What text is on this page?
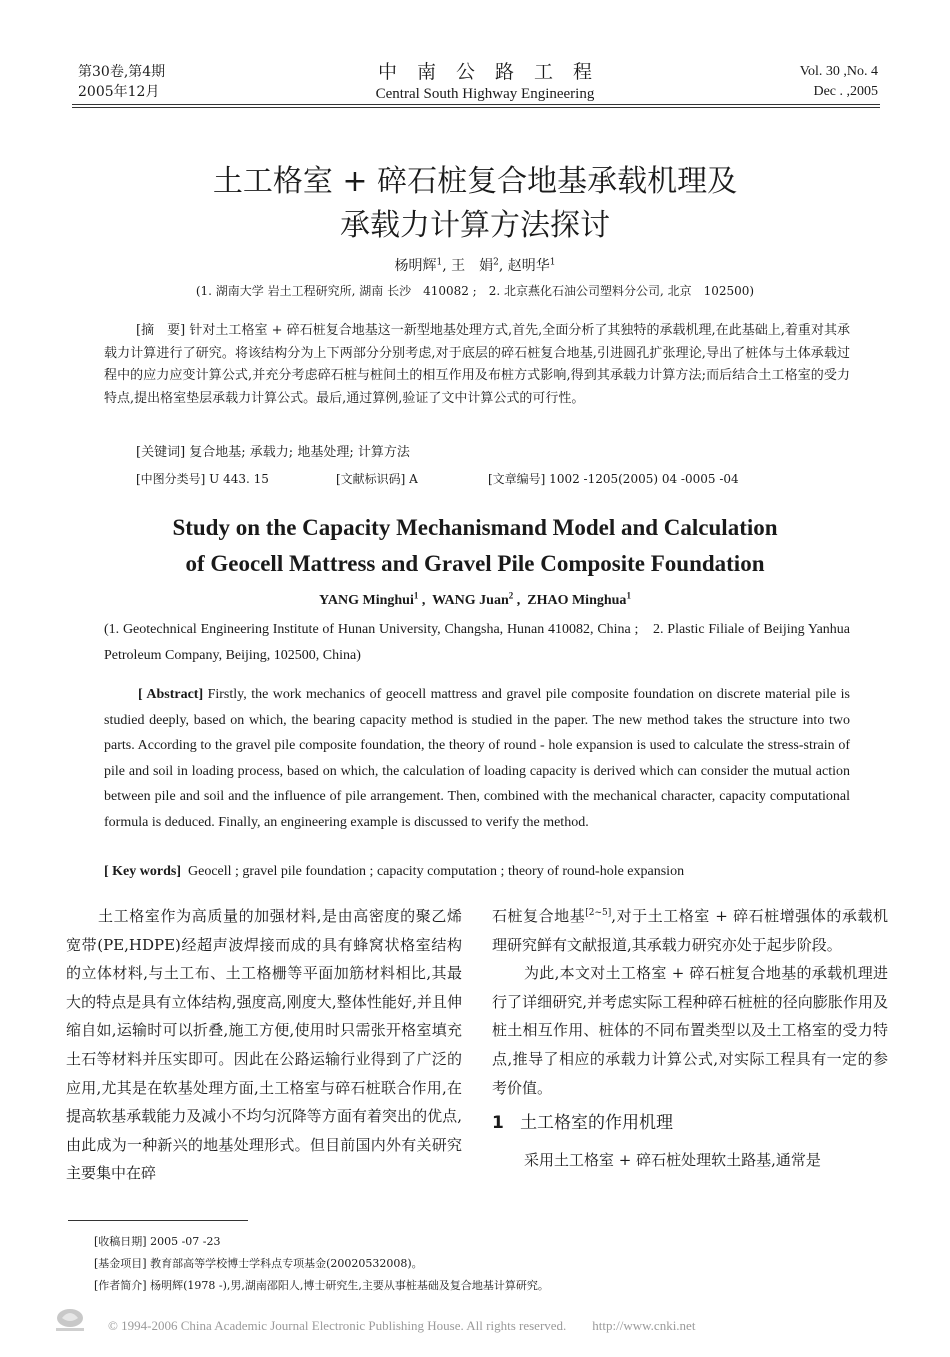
第30卷,第4期
2005年12月
中南公路工程
Central South Highway Engineering
Vol. 30 ,No. 4
Dec . ,2005
土工格室 + 碎石桩复合地基承载机理及
承载力计算方法探讨
杨明辉$^1$, 王　娟$^2$, 赵明华$^1$
(1. 湖南大学 岩土工程研究所, 湖南 长沙　410082 ;　2. 北京燕化石油公司塑料分公司, 北京　102500)
[摘　要] 针对土工格室 + 碎石桩复合地基这一新型地基处理方式,首先,全面分析了其独特的承载机理,在此基础上,着重对其承载力计算进行了研究。将该结构分为上下两部分分别考虑,对于底层的碎石桩复合地基,引进圆孔扩张理论,导出了桩体与土体承载过程中的应力应变计算公式,并充分考虑碎石桩与桩间土的相互作用及布桩方式影响,得到其承载力计算方法;而后结合土工格室的受力特点,提出格室垫层承载力计算公式。最后,通过算例,验证了文中计算公式的可行性。
[关键词] 复合地基; 承载力; 地基处理; 计算方法
[中图分类号] U 443. 15	[文献标识码] A	[文章编号] 1002 -1205(2005) 04 -0005 -04
Study on the Capacity Mechanismand Model and Calculation
of Geocell Mattress and Gravel Pile Composite Foundation
YANG Minghui$^1$ ,  WANG Juan$^2$ ,  ZHAO Minghua$^1$
(1. Geotechnical Engineering Institute of Hunan University, Changsha, Hunan 410082, China ;　2. Plastic Filiale of Beijing Yanhua Petroleum Company, Beijing, 102500, China)
[ Abstract] Firstly, the work mechanics of geocell mattress and gravel pile composite foundation on discrete material pile is studied deeply, based on which, the bearing capacity method is studied in the paper. The new method takes the structure into two parts. According to the gravel pile composite foundation, the theory of round - hole expansion is used to calculate the stress-strain of pile and soil in loading process, based on which, the calculation of loading capacity is derived which can consider the mutual action between pile and soil and the influence of pile arrangement. Then, combined with the mechanical character, capacity computational formula is deduced. Finally, an engineering example is discussed to verify the method.
[ Key words] Geocell ; gravel pile foundation ; capacity computation ; theory of round-hole expansion

土工格室作为高质量的加强材料,是由高密度的聚乙烯宽带(PE,HDPE)经超声波焊接而成的具有蜂窝状格室结构的立体材料,与土工布、土工格栅等平面加筋材料相比,其最大的特点是具有立体结构,强度高,刚度大,整体性能好,并且伸缩自如,运输时可以折叠,施工方便,使用时只需张开格室填充土石等材料并压实即可。因此在公路运输行业得到了广泛的应用,尤其是在软基处理方面,土工格室与碎石桩联合作用,在提高软基承载能力及减小不均匀沉降等方面有着突出的优点,由此成为一种新兴的地基处理形式。但目前国内外有关研究主要集中在碎

石桩复合地基[2~5],对于土工格室 + 碎石桩增强体的承载机理研究鲜有文献报道,其承载力研究亦处于起步阶段。

为此,本文对土工格室 + 碎石桩复合地基的承载机理进行了详细研究,并考虑实际工程种碎石桩桩的径向膨胀作用及桩土相互作用、桩体的不同布置类型以及土工格室的受力特点,推导了相应的承载力计算公式,对实际工程具有一定的参考价值。

1 土工格室的作用机理

采用土工格室 + 碎石桩处理软土路基,通常是

[收稿日期] 2005 -07 -23
[基金项目] 教育部高等学校博士学科点专项基金(20020532008)。
[作者简介] 杨明辉(1978 -),男,湖南邵阳人,博士研究生,主要从事桩基础及复合地基计算研究。
© 1994-2006 China Academic Journal Electronic Publishing House. All rights reserved.　　http://www.cnki.net
